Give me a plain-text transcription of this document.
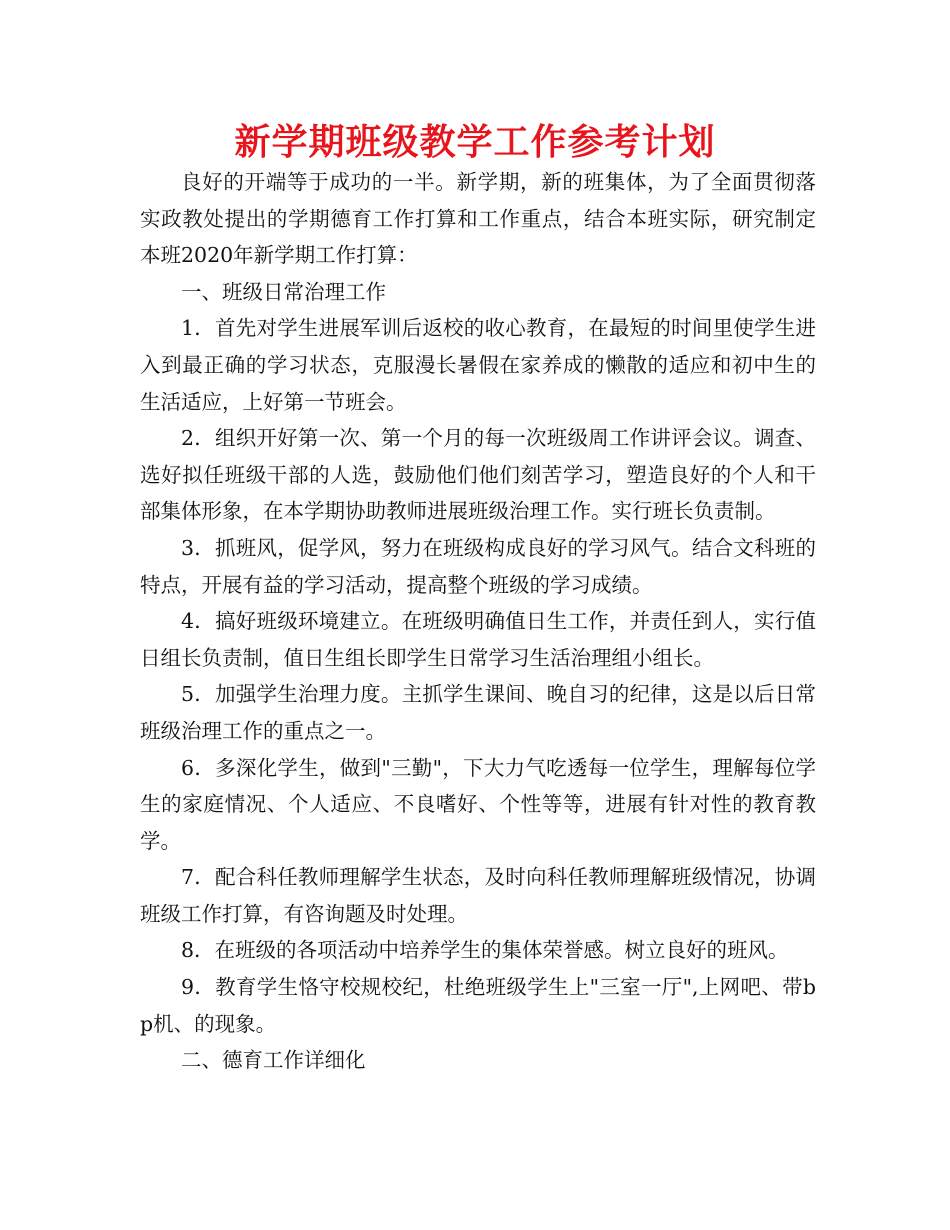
新学期班级教学工作参考计划

良好的开端等于成功的一半。新学期，新的班集体，为了全面贯彻落实政教处提出的学期德育工作打算和工作重点，结合本班实际，研究制定本班2020年新学期工作打算：

一、班级日常治理工作

1．首先对学生进展军训后返校的收心教育，在最短的时间里使学生进入到最正确的学习状态，克服漫长暑假在家养成的懒散的适应和初中生的生活适应，上好第一节班会。

2．组织开好第一次、第一个月的每一次班级周工作讲评会议。调查、选好拟任班级干部的人选，鼓励他们他们刻苦学习，塑造良好的个人和干部集体形象，在本学期协助教师进展班级治理工作。实行班长负责制。

3．抓班风，促学风，努力在班级构成良好的学习风气。结合文科班的特点，开展有益的学习活动，提高整个班级的学习成绩。

4．搞好班级环境建立。在班级明确值日生工作，并责任到人，实行值日组长负责制，值日生组长即学生日常学习生活治理组小组长。

5．加强学生治理力度。主抓学生课间、晚自习的纪律，这是以后日常班级治理工作的重点之一。

6．多深化学生，做到"三勤"，下大力气吃透每一位学生，理解每位学生的家庭情况、个人适应、不良嗜好、个性等等，进展有针对性的教育教学。

7．配合科任教师理解学生状态，及时向科任教师理解班级情况，协调班级工作打算，有咨询题及时处理。

8．在班级的各项活动中培养学生的集体荣誉感。树立良好的班风。

9．教育学生恪守校规校纪，杜绝班级学生上"三室一厅",上网吧、带bp机、的现象。

二、德育工作详细化
